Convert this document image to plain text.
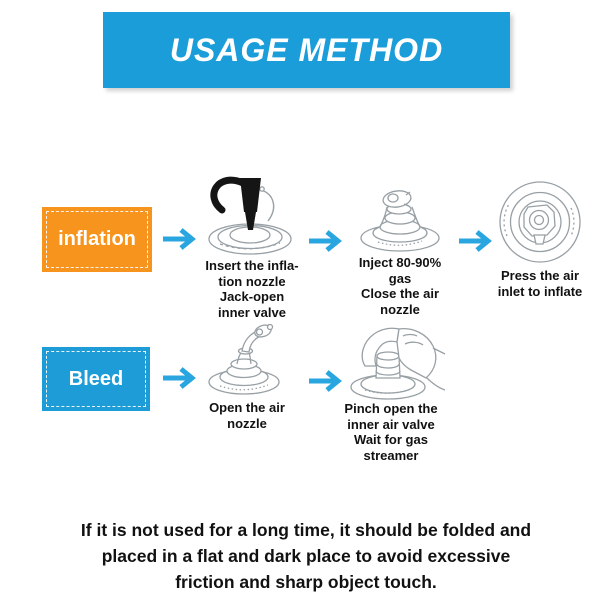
USAGE METHOD
inflation
Insert the infla-
tion nozzle
Jack-open
inner valve
Inject 80-90%
gas
Close the air
nozzle
Press the air
inlet to inflate
Bleed
Open the air
nozzle
Pinch open the
inner air valve
Wait for gas
streamer
If it is not used for a long time, it should be folded and
placed in a flat and dark place to avoid excessive
friction and sharp object touch.
